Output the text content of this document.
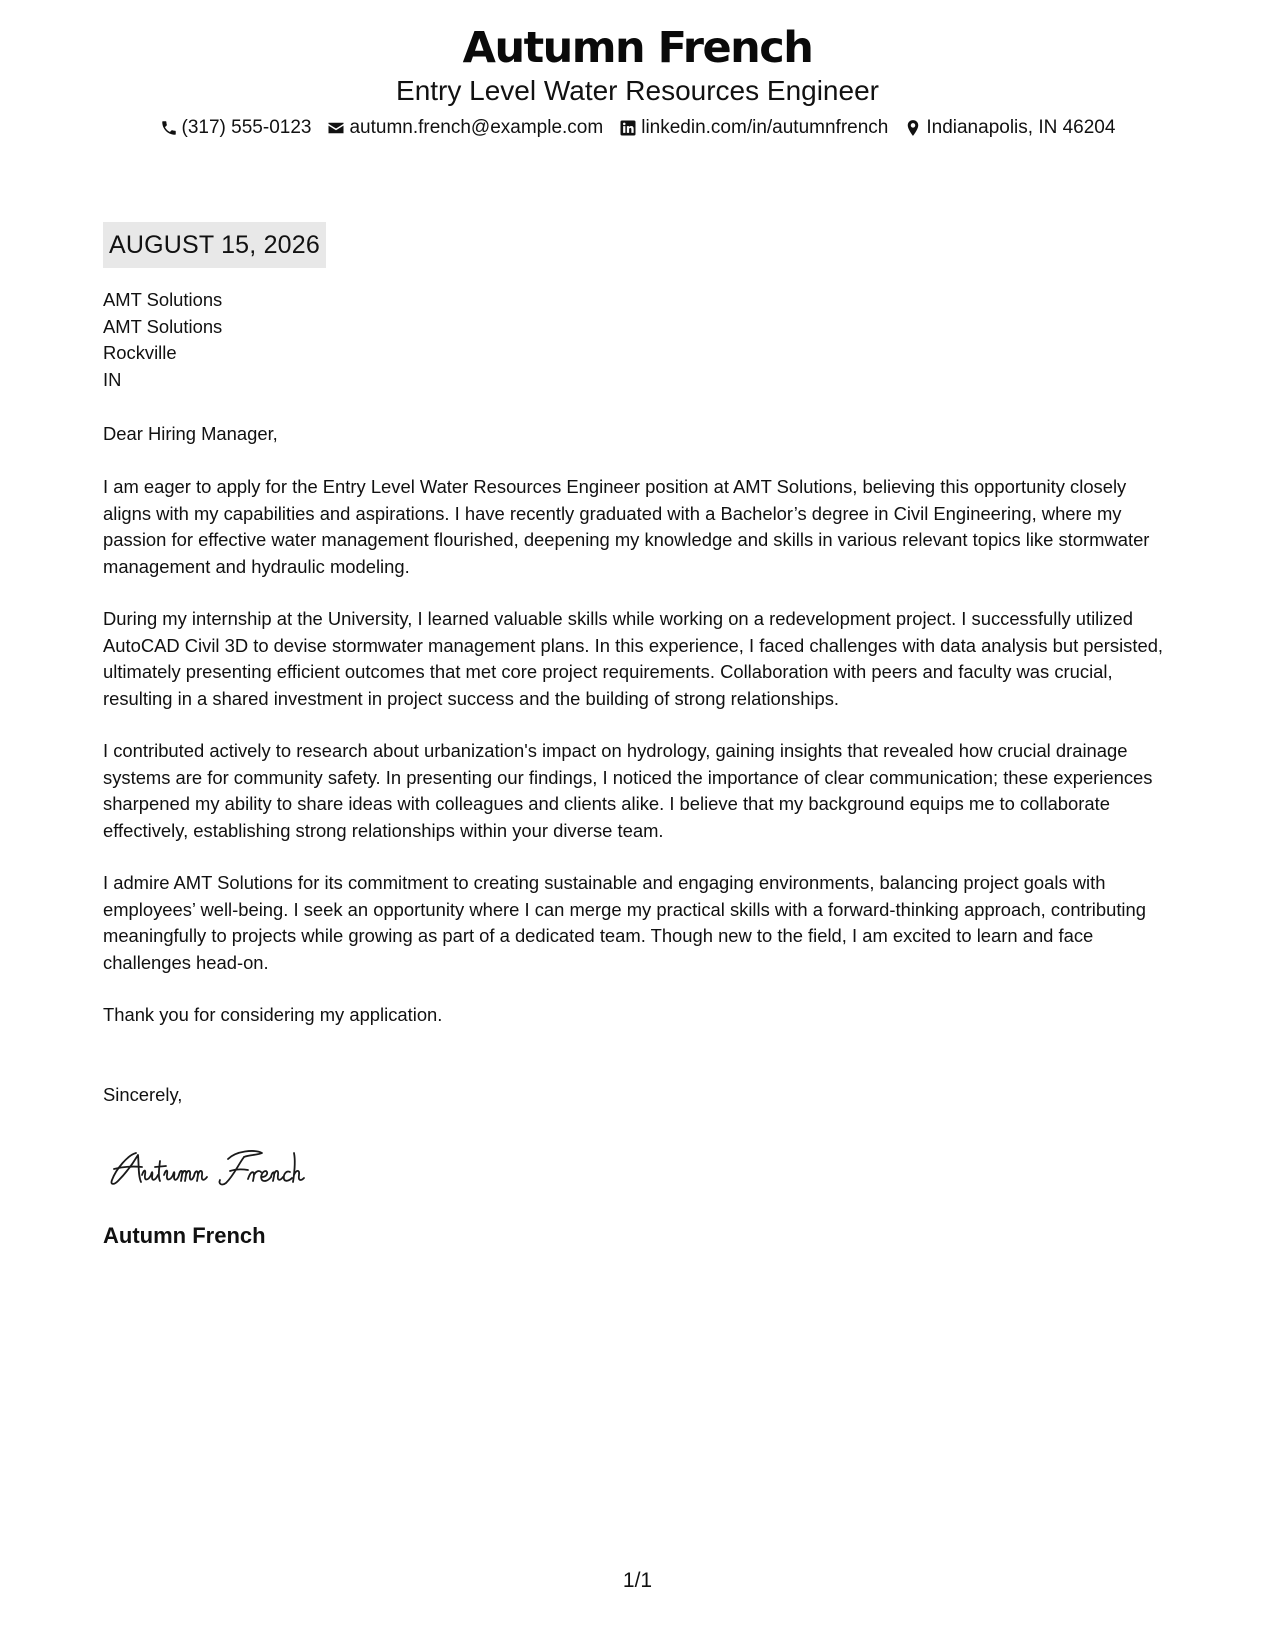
Autumn French
Entry Level Water Resources Engineer
(317) 555-0123 autumn.french@example.com linkedin.com/in/autumnfrench Indianapolis, IN 46204
AUGUST 15, 2026
AMT Solutions
AMT Solutions
Rockville
IN
Dear Hiring Manager,

I am eager to apply for the Entry Level Water Resources Engineer position at AMT Solutions, believing this opportunity closely aligns with my capabilities and aspirations. I have recently graduated with a Bachelor’s degree in Civil Engineering, where my passion for effective water management flourished, deepening my knowledge and skills in various relevant topics like stormwater management and hydraulic modeling.

During my internship at the University, I learned valuable skills while working on a redevelopment project. I successfully utilized AutoCAD Civil 3D to devise stormwater management plans. In this experience, I faced challenges with data analysis but persisted, ultimately presenting efficient outcomes that met core project requirements. Collaboration with peers and faculty was crucial, resulting in a shared investment in project success and the building of strong relationships.

I contributed actively to research about urbanization's impact on hydrology, gaining insights that revealed how crucial drainage systems are for community safety. In presenting our findings, I noticed the importance of clear communication; these experiences sharpened my ability to share ideas with colleagues and clients alike. I believe that my background equips me to collaborate effectively, establishing strong relationships within your diverse team.

I admire AMT Solutions for its commitment to creating sustainable and engaging environments, balancing project goals with employees’ well-being. I seek an opportunity where I can merge my practical skills with a forward-thinking approach, contributing meaningfully to projects while growing as part of a dedicated team. Though new to the field, I am excited to learn and face challenges head-on.

Thank you for considering my application.
Sincerely,
Autumn French
1/1
